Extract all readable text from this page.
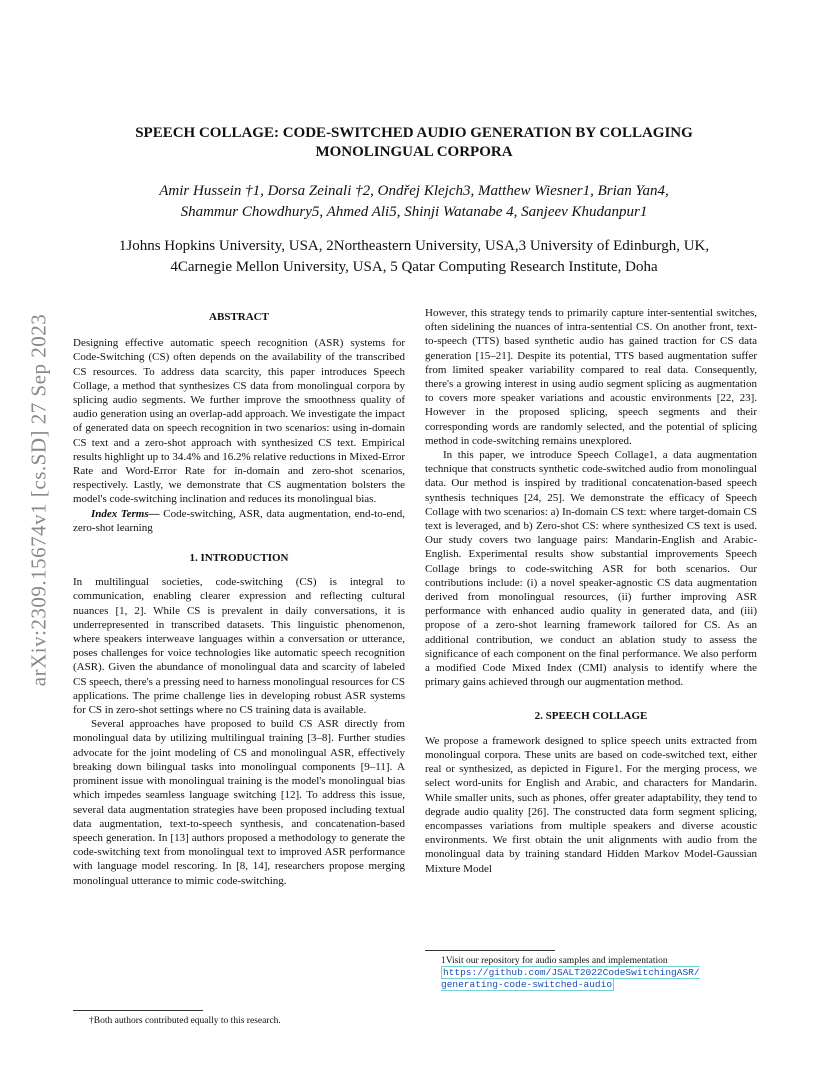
arXiv:2309.15674v1 [cs.SD] 27 Sep 2023
SPEECH COLLAGE: CODE-SWITCHED AUDIO GENERATION BY COLLAGING MONOLINGUAL CORPORA
Amir Hussein †1, Dorsa Zeinali †2, Ondřej Klejch3, Matthew Wiesner1, Brian Yan4,
Shammur Chowdhury5, Ahmed Ali5, Shinji Watanabe 4, Sanjeev Khudanpur1
1Johns Hopkins University, USA, 2Northeastern University, USA,3 University of Edinburgh, UK,
4Carnegie Mellon University, USA, 5 Qatar Computing Research Institute, Doha
ABSTRACT

Designing effective automatic speech recognition (ASR) systems for Code-Switching (CS) often depends on the availability of the transcribed CS resources. To address data scarcity, this paper introduces Speech Collage, a method that synthesizes CS data from monolingual corpora by splicing audio segments. We further improve the smoothness quality of audio generation using an overlap-add approach. We investigate the impact of generated data on speech recognition in two scenarios: using in-domain CS text and a zero-shot approach with synthesized CS text. Empirical results highlight up to 34.4% and 16.2% relative reductions in Mixed-Error Rate and Word-Error Rate for in-domain and zero-shot scenarios, respectively. Lastly, we demonstrate that CS augmentation bolsters the model's code-switching inclination and reduces its monolingual bias.

Index Terms— Code-switching, ASR, data augmentation, end-to-end, zero-shot learning

1. INTRODUCTION

In multilingual societies, code-switching (CS) is integral to communication, enabling clearer expression and reflecting cultural nuances [1, 2]. While CS is prevalent in daily conversations, it is underrepresented in transcribed datasets. This linguistic phenomenon, where speakers interweave languages within a conversation or utterance, poses challenges for voice technologies like automatic speech recognition (ASR). Given the abundance of monolingual data and scarcity of labeled CS speech, there's a pressing need to harness monolingual resources for CS applications. The prime challenge lies in developing robust ASR systems for CS in zero-shot settings where no CS training data is available.

Several approaches have proposed to build CS ASR directly from monolingual data by utilizing multilingual training [3–8]. Further studies advocate for the joint modeling of CS and monolingual ASR, effectively breaking down bilingual tasks into monolingual components [9–11]. A prominent issue with monolingual training is the model's monolingual bias which impedes seamless language switching [12]. To address this issue, several data augmentation strategies have been proposed including textual data augmentation, text-to-speech synthesis, and concatenation-based speech generation. In [13] authors proposed a methodology to generate the code-switching text from monolingual text to improved ASR performance with language model rescoring. In [8, 14], researchers propose merging monolingual utterance to mimic code-switching.

†Both authors contributed equally to this research.

However, this strategy tends to primarily capture inter-sentential switches, often sidelining the nuances of intra-sentential CS. On another front, text-to-speech (TTS) based synthetic audio has gained traction for CS data generation [15–21]. Despite its potential, TTS based augmentation suffer from limited speaker variability compared to real data. Consequently, there's a growing interest in using audio segment splicing as augmentation to covers more speaker variations and acoustic environments [22, 23]. However in the proposed splicing, speech segments and their corresponding words are randomly selected, and the potential of splicing method in code-switching remains unexplored.

In this paper, we introduce Speech Collage1, a data augmentation technique that constructs synthetic code-switched audio from monolingual data. Our method is inspired by traditional concatenation-based speech synthesis techniques [24, 25]. We demonstrate the efficacy of Speech Collage with two scenarios: a) In-domain CS text: where target-domain CS text is leveraged, and b) Zero-shot CS: where synthesized CS text is used. Our study covers two language pairs: Mandarin-English and Arabic-English. Experimental results show substantial improvements Speech Collage brings to code-switching ASR for both scenarios. Our contributions include: (i) a novel speaker-agnostic CS data augmentation derived from monolingual resources, (ii) further improving ASR performance with enhanced audio quality in generated data, and (iii) propose of a zero-shot learning framework tailored for CS. As an additional contribution, we conduct an ablation study to assess the significance of each component on the final performance. We also perform a modified Code Mixed Index (CMI) analysis to identify where the primary gains achieved through our augmentation method.

2. SPEECH COLLAGE

We propose a framework designed to splice speech units extracted from monolingual corpora. These units are based on code-switched text, either real or synthesized, as depicted in Figure1. For the merging process, we select word-units for English and Arabic, and characters for Mandarin. While smaller units, such as phones, offer greater adaptability, they tend to degrade audio quality [26]. The constructed data form segment splicing, encompasses variations from multiple speakers and diverse acoustic environments. We first obtain the unit alignments with audio from the monolingual data by training standard Hidden Markov Model-Gaussian Mixture Model

1Visit our repository for audio samples and implementation https://github.com/JSALT2022CodeSwitchingASR/ generating-code-switched-audio
